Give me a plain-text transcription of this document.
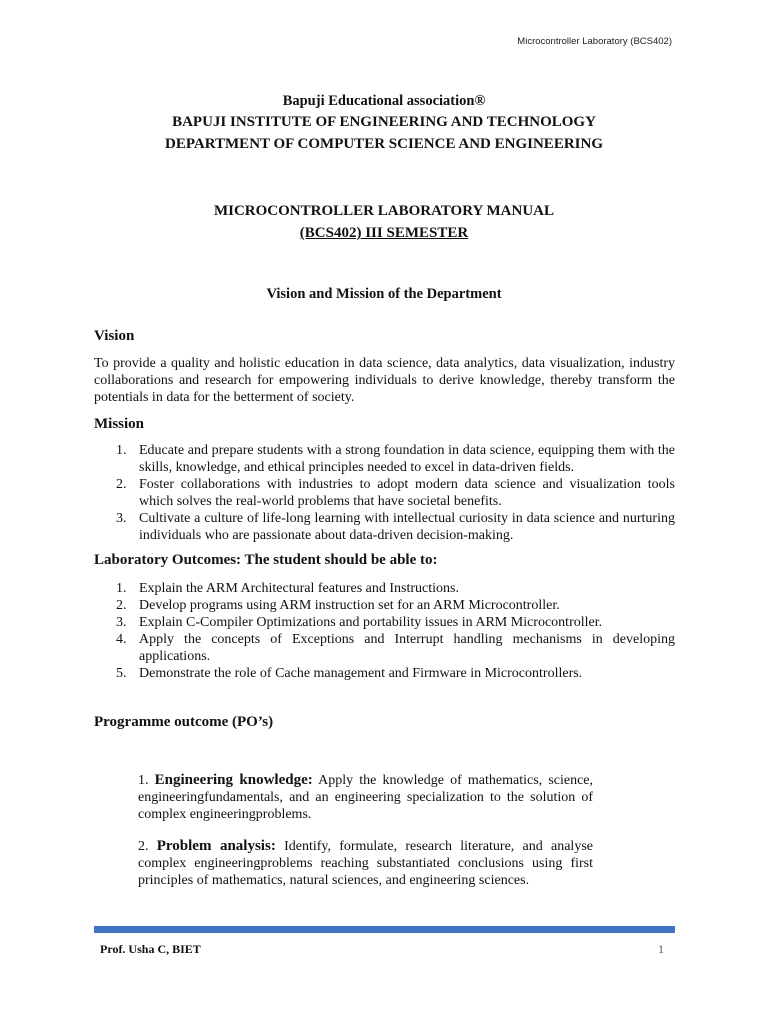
Microcontroller Laboratory (BCS402)
Bapuji Educational association®
BAPUJI INSTITUTE OF ENGINEERING AND TECHNOLOGY
DEPARTMENT OF COMPUTER SCIENCE AND ENGINEERING
MICROCONTROLLER LABORATORY MANUAL
(BCS402) III SEMESTER
Vision and Mission of the Department
Vision

To provide a quality and holistic education in data science, data analytics, data visualization, industry collaborations and research for empowering individuals to derive knowledge, thereby transform the potentials in data for the betterment of society.

Mission
1. Educate and prepare students with a strong foundation in data science, equipping them with the skills, knowledge, and ethical principles needed to excel in data-driven fields.
2. Foster collaborations with industries to adopt modern data science and visualization tools which solves the real-world problems that have societal benefits.
3. Cultivate a culture of life-long learning with intellectual curiosity in data science and nurturing individuals who are passionate about data-driven decision-making.
Laboratory Outcomes: The student should be able to:
1. Explain the ARM Architectural features and Instructions.
2. Develop programs using ARM instruction set for an ARM Microcontroller.
3. Explain C-Compiler Optimizations and portability issues in ARM Microcontroller.
4. Apply the concepts of Exceptions and Interrupt handling mechanisms in developing applications.
5. Demonstrate the role of Cache management and Firmware in Microcontrollers.
Programme outcome (PO’s)

1. Engineering knowledge: Apply the knowledge of mathematics, science, engineeringfundamentals, and an engineering specialization to the solution of complex engineeringproblems.

2. Problem analysis: Identify, formulate, research literature, and analyse complex engineeringproblems reaching substantiated conclusions using first principles of mathematics, natural sciences, and engineering sciences.

Prof. Usha C, BIET	1
